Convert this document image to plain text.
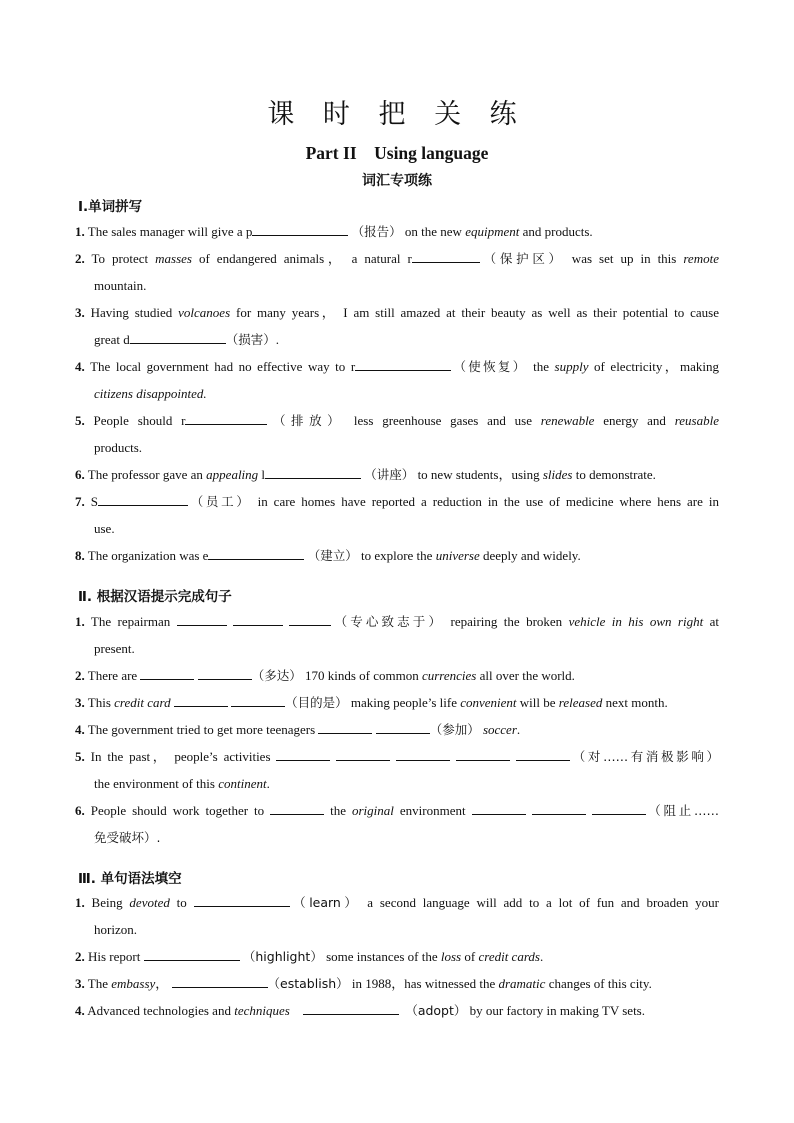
课 时 把 关 练
Part II　Using language
词汇专项练
Ⅰ.单词拼写
1. The sales manager will give a p	（报告） on the new equipment and products.
2. To protect masses of endangered animals， a natural r	（保护区） was set up in this remote
mountain.
3. Having studied volcanoes for many years， I am still amazed at their beauty as well as their potential to cause
great d	（损害）.
4. The local government had no effective way to r	（使恢复） the supply of electricity，making
citizens disappointed.
5. People should r	（排放） less greenhouse gases and use renewable energy and reusable
products.
6. The professor gave an appealing l	（讲座） to new students，using slides to demonstrate.
7. S	（员工） in care homes have reported a reduction in the use of medicine where hens are in
use.
8. The organization was e	（建立） to explore the universe deeply and widely.
Ⅱ. 根据汉语提示完成句子
1. The repairman	（专心致志于） repairing the broken vehicle in his own right at
present.
2. There are	（多达） 170 kinds of common currencies all over the world.
3. This credit card	（目的是） making people’s life convenient will be released next month.
4. The government tried to get more teenagers	（参加） soccer.
5. In the past， people’s activities	（对……有消极影响）
the environment of this continent.
6. People should work together to	the original environment	（阻止……
免受破坏）.
Ⅲ. 单句语法填空
1. Being devoted to	（learn） a second language will add to a lot of fun and broaden your
horizon.
2. His report	（highlight） some instances of the loss of credit cards.
3. The embassy，	（establish） in 1988，has witnessed the dramatic changes of this city.
4. Advanced technologies and techniques	（adopt） by our factory in making TV sets.
